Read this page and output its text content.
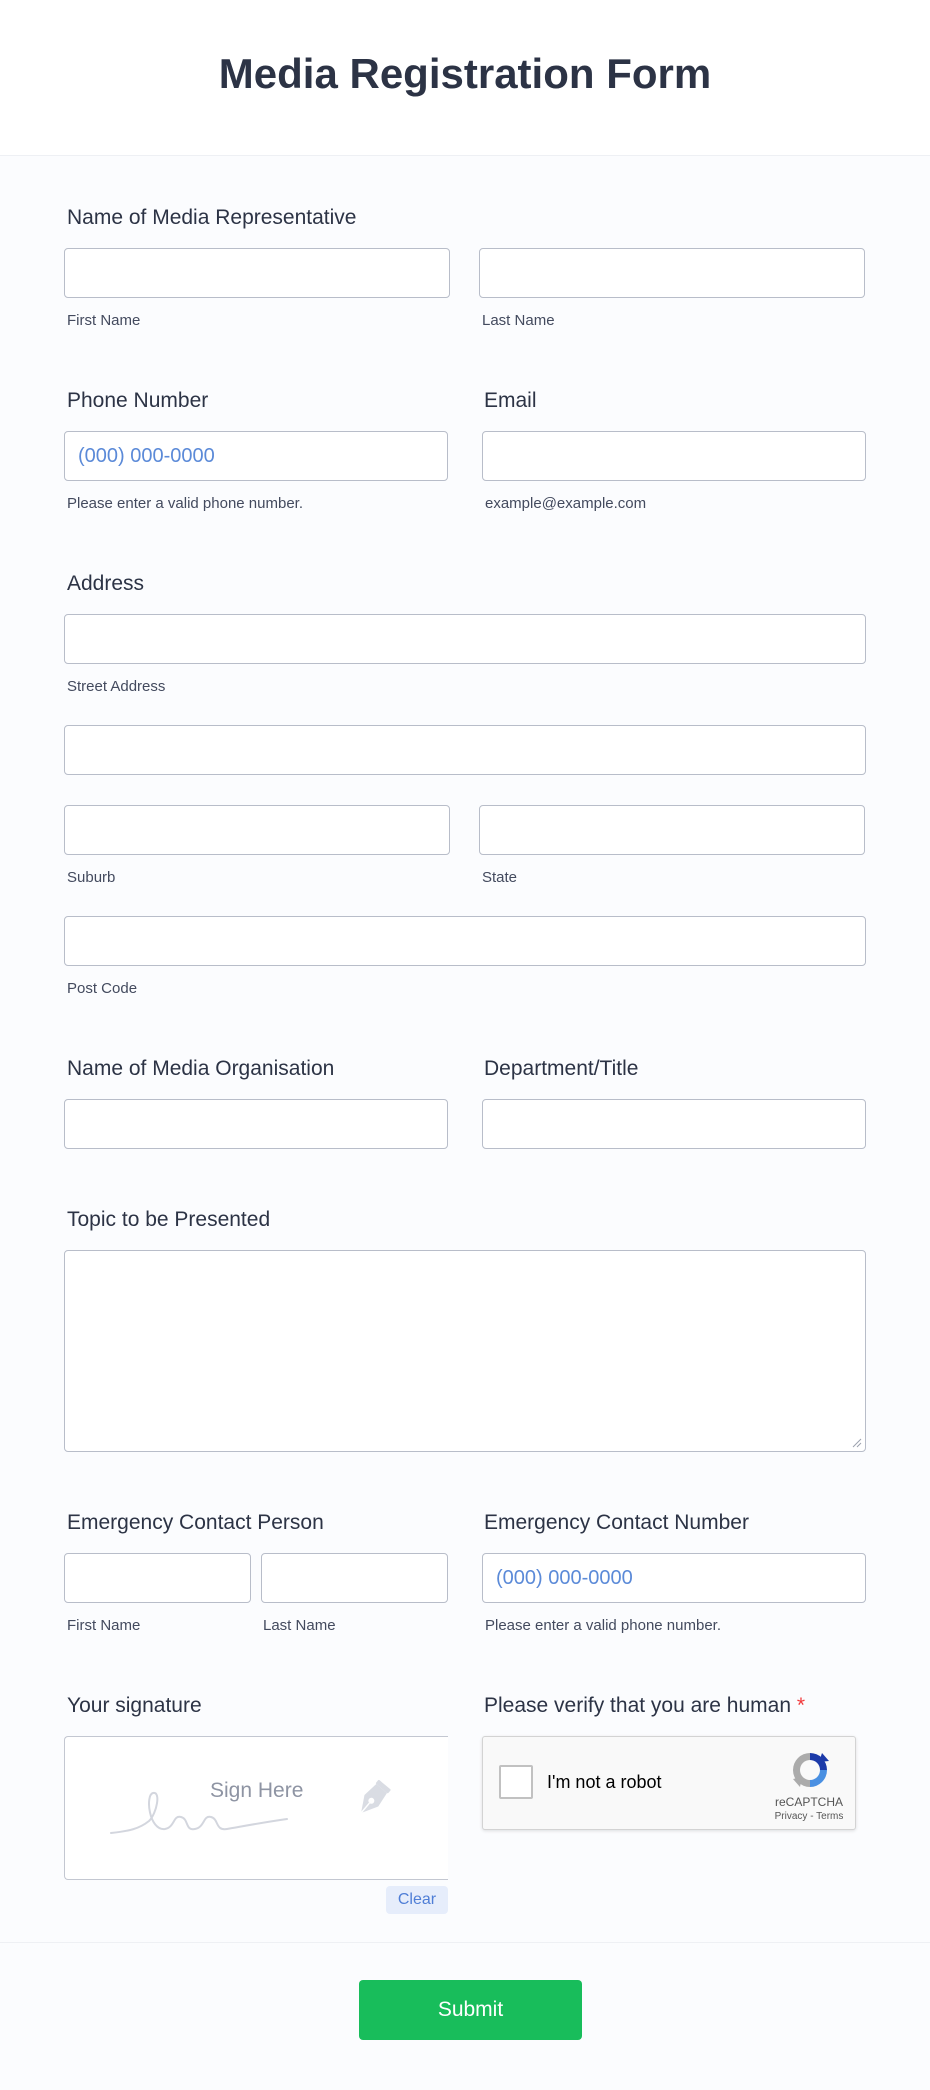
Media Registration Form
Name of Media Representative
First Name	Last Name
Phone Number	Email
(000) 000-0000
Please enter a valid phone number.	example@example.com
Address
Street Address
Suburb	State
Post Code
Name of Media Organisation	Department/Title
Topic to be Presented
Emergency Contact Person	Emergency Contact Number
(000) 000-0000
First Name	Last Name	Please enter a valid phone number.
Your signature
Sign Here
Clear
Please verify that you are human *
I'm not a robot
reCAPTCHA
Privacy - Terms
Submit
